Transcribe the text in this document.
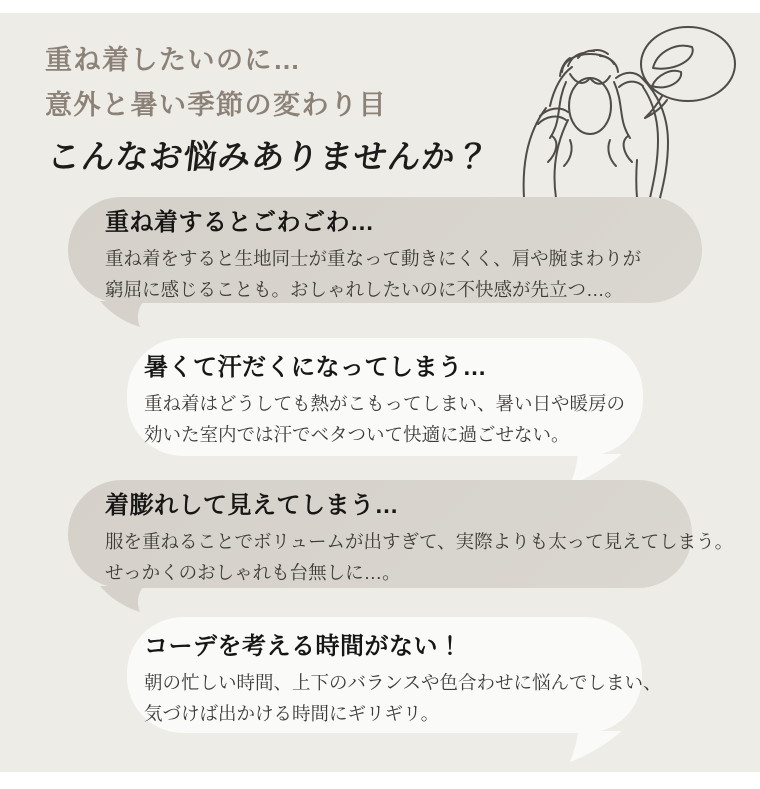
重ね着したいのに…
意外と暑い季節の変わり目
こんなお悩みありませんか？
重ね着するとごわごわ…
重ね着をすると生地同士が重なって動きにくく、肩や腕まわりが
窮屈に感じることも。おしゃれしたいのに不快感が先立つ…。
暑くて汗だくになってしまう…
重ね着はどうしても熱がこもってしまい、暑い日や暖房の
効いた室内では汗でベタついて快適に過ごせない。
着膨れして見えてしまう…
服を重ねることでボリュームが出すぎて、実際よりも太って見えてしまう。
せっかくのおしゃれも台無しに…。
コーデを考える時間がない！
朝の忙しい時間、上下のバランスや色合わせに悩んでしまい、
気づけば出かける時間にギリギリ。
